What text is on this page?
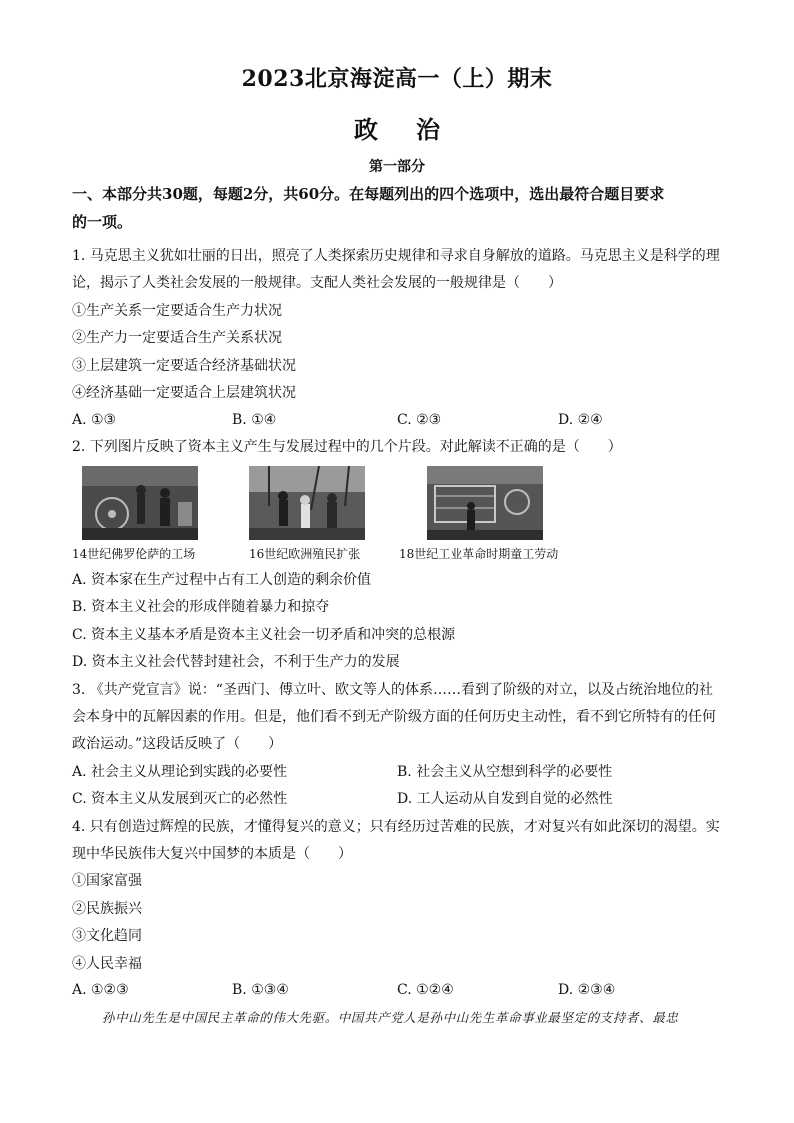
2023北京海淀高一（上）期末
政治
第一部分
一、本部分共30题，每题2分，共60分。在每题列出的四个选项中，选出最符合题目要求
的一项。
1. 马克思主义犹如壮丽的日出，照亮了人类探索历史规律和寻求自身解放的道路。马克思主义是科学的理
论，揭示了人类社会发展的一般规律。支配人类社会发展的一般规律是（　　）
①生产关系一定要适合生产力状况
②生产力一定要适合生产关系状况
③上层建筑一定要适合经济基础状况
④经济基础一定要适合上层建筑状况
A. ①③	B. ①④	C. ②③	D. ②④
2. 下列图片反映了资本主义产生与发展过程中的几个片段。对此解读不正确的是（　　）
14世纪佛罗伦萨的工场	16世纪欧洲殖民扩张	18世纪工业革命时期童工劳动
A. 资本家在生产过程中占有工人创造的剩余价值
B. 资本主义社会的形成伴随着暴力和掠夺
C. 资本主义基本矛盾是资本主义社会一切矛盾和冲突的总根源
D. 资本主义社会代替封建社会，不利于生产力的发展
3. 《共产党宣言》说：“圣西门、傅立叶、欧文等人的体系……看到了阶级的对立，以及占统治地位的社
会本身中的瓦解因素的作用。但是，他们看不到无产阶级方面的任何历史主动性，看不到它所特有的任何
政治运动。”这段话反映了（　　）
A. 社会主义从理论到实践的必要性	B. 社会主义从空想到科学的必要性
C. 资本主义从发展到灭亡的必然性	D. 工人运动从自发到自觉的必然性
4. 只有创造过辉煌的民族，才懂得复兴的意义；只有经历过苦难的民族，才对复兴有如此深切的渴望。实
现中华民族伟大复兴中国梦的本质是（　　）
①国家富强
②民族振兴
③文化趋同
④人民幸福
A. ①②③	B. ①③④	C. ①②④	D. ②③④
孙中山先生是中国民主革命的伟大先驱。中国共产党人是孙中山先生革命事业最坚定的支持者、最忠
